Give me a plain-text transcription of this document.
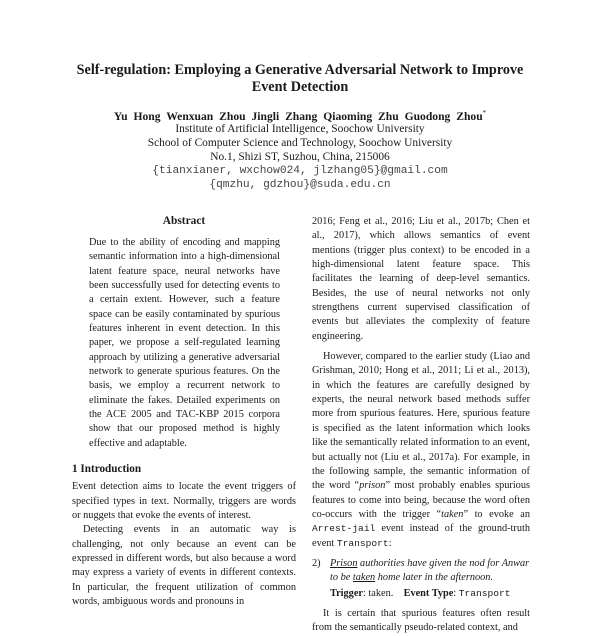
Self-regulation: Employing a Generative Adversarial Network to Improve
Event Detection
Yu Hong Wenxuan Zhou Jingli Zhang Qiaoming Zhu Guodong Zhou*
Institute of Artificial Intelligence, Soochow University
School of Computer Science and Technology, Soochow University
No.1, Shizi ST, Suzhou, China, 215006
{tianxianer, wxchow024, jlzhang05}@gmail.com
{qmzhu, gdzhou}@suda.edu.cn
Abstract

Due to the ability of encoding and mapping semantic information into a high-dimensional latent feature space, neural networks have been successfully used for detecting events to a certain extent. However, such a feature space can be easily contaminated by spurious features inherent in event detection. In this paper, we propose a self-regulated learning approach by utilizing a generative adversarial network to generate spurious features. On the basis, we employ a recurrent network to eliminate the fakes. Detailed experiments on the ACE 2005 and TAC-KBP 2015 corpora show that our proposed method is highly effective and adaptable.

1 Introduction

Event detection aims to locate the event triggers of specified types in text. Normally, triggers are words or nuggets that evoke the events of interest.

Detecting events in an automatic way is challenging, not only because an event can be expressed in different words, but also because a word may express a variety of events in different contexts. In particular, the frequent utilization of common words, ambiguous words and pronouns in

2016; Feng et al., 2016; Liu et al., 2017b; Chen et al., 2017), which allows semantics of event mentions (trigger plus context) to be encoded in a high-dimensional latent feature space. This facilitates the learning of deep-level semantics. Besides, the use of neural networks not only strengthens current supervised classification of events but alleviates the complexity of feature engineering.

However, compared to the earlier study (Liao and Grishman, 2010; Hong et al., 2011; Li et al., 2013), in which the features are carefully designed by experts, the neural network based methods suffer more from spurious features. Here, spurious feature is specified as the latent information which looks like the semantically related information to an event, but actually not (Liu et al., 2017a). For example, in the following sample, the semantic information of the word “prison” most probably enables spurious features to come into being, because the word often co-occurs with the trigger “taken” to evoke an Arrest-jail event instead of the ground-truth event Transport:

2) Prison authorities have given the nod for Anwar to be taken home later in the afternoon.

Trigger: taken. Event Type: Transport

It is certain that spurious features often result from the semantically pseudo-related context, and
